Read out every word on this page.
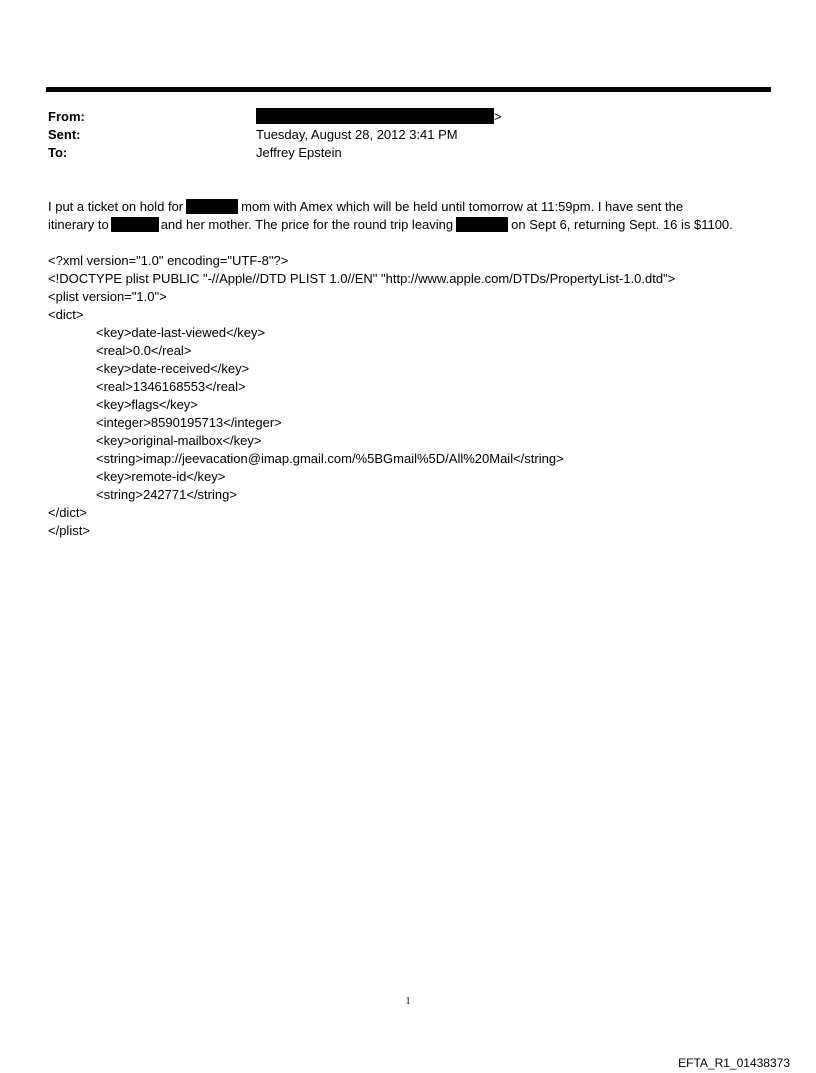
From:	>
Sent:	Tuesday, August 28, 2012 3:41 PM
To:	Jeffrey Epstein
I put a ticket on hold for	mom with Amex which will be held until tomorrow at 11:59pm. I have sent the
itinerary to	and her mother. The price for the round trip leaving	on Sept 6, returning Sept. 16 is $1100.
<?xml version="1.0" encoding="UTF-8"?>
<!DOCTYPE plist PUBLIC "-//Apple//DTD PLIST 1.0//EN" "http://www.apple.com/DTDs/PropertyList-1.0.dtd">
<plist version="1.0">
<dict>
<key>date-last-viewed</key>
<real>0.0</real>
<key>date-received</key>
<real>1346168553</real>
<key>flags</key>
<integer>8590195713</integer>
<key>original-mailbox</key>
<string>imap://jeevacation@imap.gmail.com/%5BGmail%5D/All%20Mail</string>
<key>remote-id</key>
<string>242771</string>
</dict>
</plist>
1
EFTA_R1_01438373
